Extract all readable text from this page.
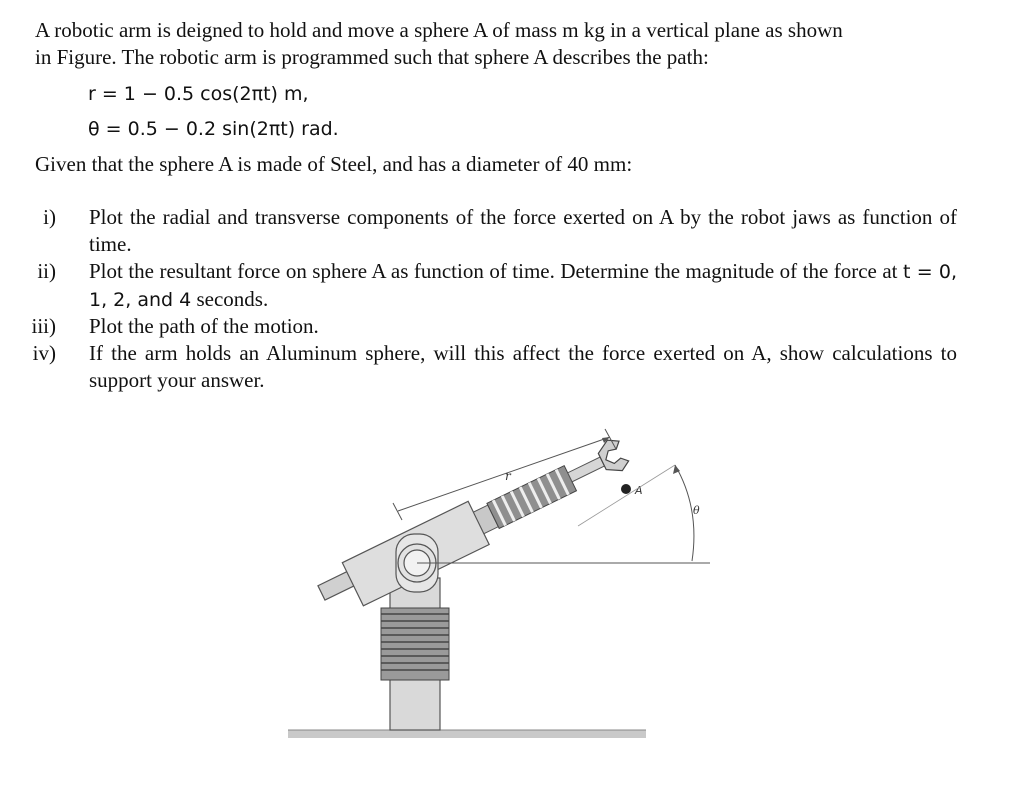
A robotic arm is deigned to hold and move a sphere A of mass m kg in a vertical plane as shown
in Figure. The robotic arm is programmed such that sphere A describes the path:
r = 1 − 0.5 cos(2πt) m,
θ = 0.5 − 0.2 sin(2πt) rad.
Given that the sphere A is made of Steel, and has a diameter of 40 mm:
i) Plot the radial and transverse components of the force exerted on A by the robot jaws as function of time.
ii) Plot the resultant force on sphere A as function of time. Determine the magnitude of the force at t = 0, 1, 2, and 4 seconds.
iii) Plot the path of the motion.
iv) If the arm holds an Aluminum sphere, will this affect the force exerted on A, show calculations to support your answer.
A
r
θ
